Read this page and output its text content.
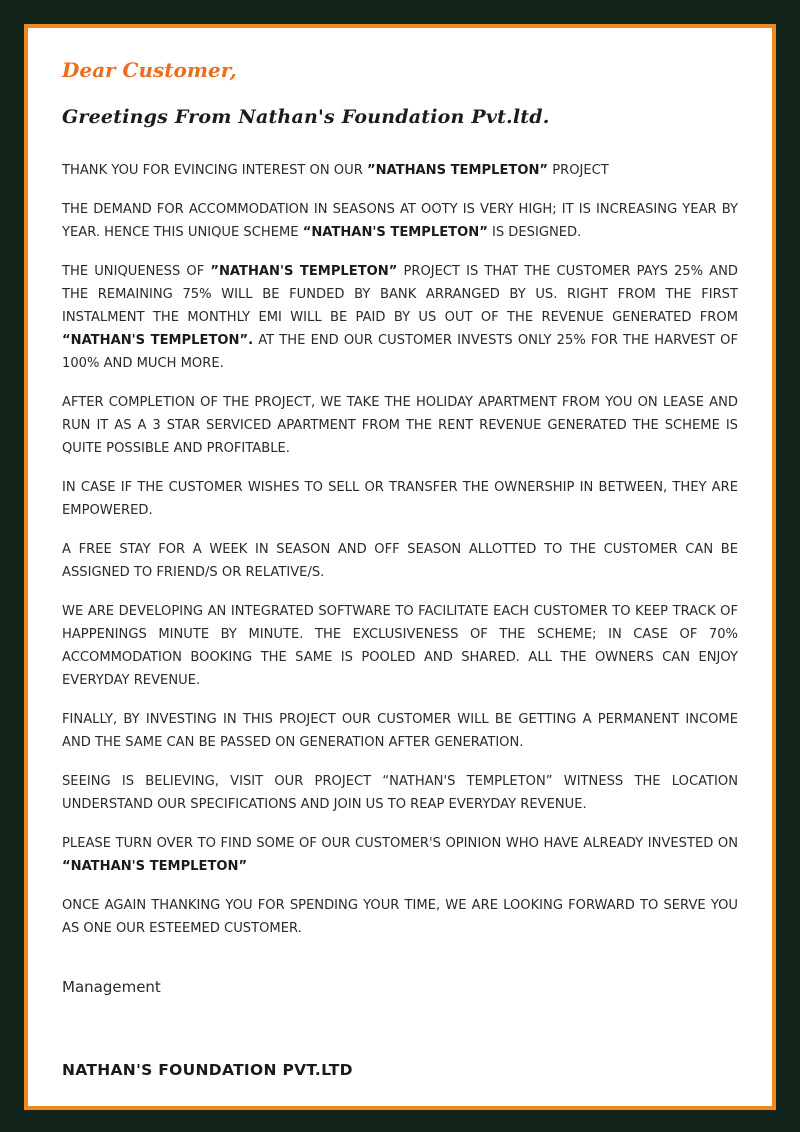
Dear Customer,
Greetings From Nathan's Foundation Pvt.ltd.

THANK YOU FOR EVINCING INTEREST ON OUR ”NATHANS TEMPLETON” PROJECT

THE DEMAND FOR ACCOMMODATION IN SEASONS AT OOTY IS VERY HIGH; IT IS INCREASING YEAR BY YEAR. HENCE THIS UNIQUE SCHEME “NATHAN'S TEMPLETON” IS DESIGNED.

THE UNIQUENESS OF ”NATHAN'S TEMPLETON” PROJECT IS THAT THE CUSTOMER PAYS 25% AND THE REMAINING 75% WILL BE FUNDED BY BANK ARRANGED BY US. RIGHT FROM THE FIRST INSTALMENT THE MONTHLY EMI WILL BE PAID BY US OUT OF THE REVENUE GENERATED FROM “NATHAN'S TEMPLETON”. AT THE END OUR CUSTOMER INVESTS ONLY 25% FOR THE HARVEST OF 100% AND MUCH MORE.

AFTER COMPLETION OF THE PROJECT, WE TAKE THE HOLIDAY APARTMENT FROM YOU ON LEASE AND RUN IT AS A 3 STAR SERVICED APARTMENT FROM THE RENT REVENUE GENERATED THE SCHEME IS QUITE POSSIBLE AND PROFITABLE.

IN CASE IF THE CUSTOMER WISHES TO SELL OR TRANSFER THE OWNERSHIP IN BETWEEN, THEY ARE EMPOWERED.

A FREE STAY FOR A WEEK IN SEASON AND OFF SEASON ALLOTTED TO THE CUSTOMER CAN BE ASSIGNED TO FRIEND/S OR RELATIVE/S.

WE ARE DEVELOPING AN INTEGRATED SOFTWARE TO FACILITATE EACH CUSTOMER TO KEEP TRACK OF HAPPENINGS MINUTE BY MINUTE. THE EXCLUSIVENESS OF THE SCHEME; IN CASE OF 70% ACCOMMODATION BOOKING THE SAME IS POOLED AND SHARED. ALL THE OWNERS CAN ENJOY EVERYDAY REVENUE.

FINALLY, BY INVESTING IN THIS PROJECT OUR CUSTOMER WILL BE GETTING A PERMANENT INCOME AND THE SAME CAN BE PASSED ON GENERATION AFTER GENERATION.

SEEING IS BELIEVING, VISIT OUR PROJECT “NATHAN'S TEMPLETON” WITNESS THE LOCATION UNDERSTAND OUR SPECIFICATIONS AND JOIN US TO REAP EVERYDAY REVENUE.

PLEASE TURN OVER TO FIND SOME OF OUR CUSTOMER'S OPINION WHO HAVE ALREADY INVESTED ON “NATHAN'S TEMPLETON”

ONCE AGAIN THANKING YOU FOR SPENDING YOUR TIME, WE ARE LOOKING FORWARD TO SERVE YOU AS ONE OUR ESTEEMED CUSTOMER.

Management
NATHAN'S FOUNDATION PVT.LTD
